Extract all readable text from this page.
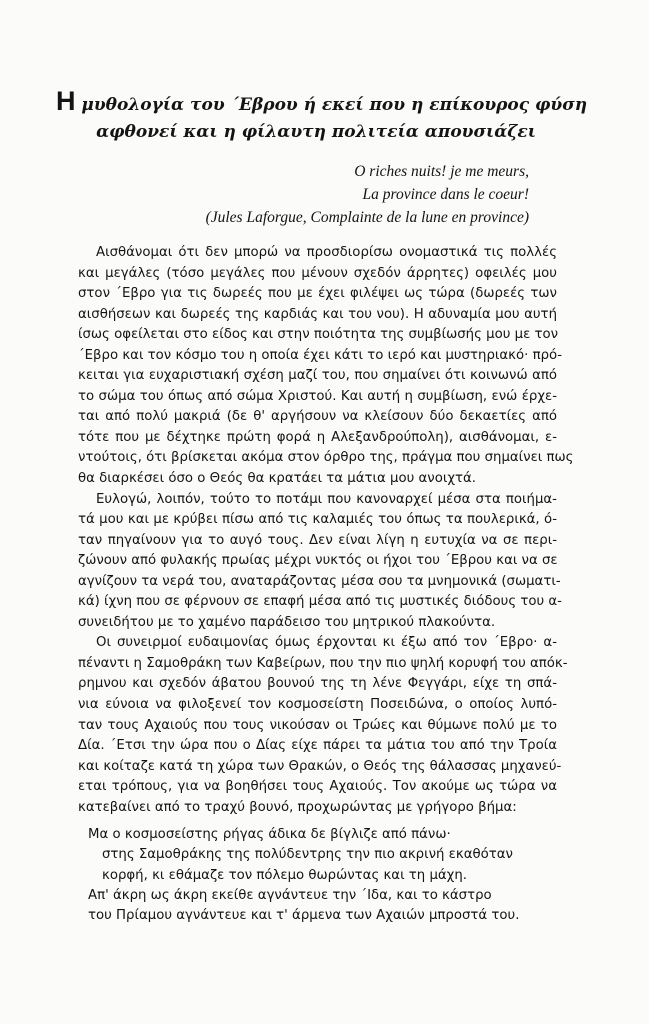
Η μυθολογία του ΄Εβρου ή εκεί που η επίκουρος φύση
αφθονεί και η φίλαυτη πολιτεία απουσιάζει
O riches nuits! je me meurs,
La province dans le coeur!
(Jules Laforgue, Complainte de la lune en province)
Αισθάνομαι ότι δεν μπορώ να προσδιορίσω ονομαστικά τις πολλές
και μεγάλες (τόσο μεγάλες που μένουν σχεδόν άρρητες) οφειλές μου
στον ΄Εβρο για τις δωρεές που με έχει φιλέψει ως τώρα (δωρεές των
αισθήσεων και δωρεές της καρδιάς και του νου). Η αδυναμία μου αυτή
ίσως οφείλεται στο είδος και στην ποιότητα της συμβίωσής μου με τον
΄Εβρο και τον κόσμο του η οποία έχει κάτι το ιερό και μυστηριακό· πρό-
κειται για ευχαριστιακή σχέση μαζί του, που σημαίνει ότι κοινωνώ από
το σώμα του όπως από σώμα Χριστού. Και αυτή η συμβίωση, ενώ έρχε-
ται από πολύ μακριά (δε θ' αργήσουν να κλείσουν δύο δεκαετίες από
τότε που με δέχτηκε πρώτη φορά η Αλεξανδρούπολη), αισθάνομαι, ε-
ντούτοις, ότι βρίσκεται ακόμα στον όρθρο της, πράγμα που σημαίνει πως
θα διαρκέσει όσο ο Θεός θα κρατάει τα μάτια μου ανοιχτά.
Ευλογώ, λοιπόν, τούτο το ποτάμι που κανοναρχεί μέσα στα ποιήμα-
τά μου και με κρύβει πίσω από τις καλαμιές του όπως τα πουλερικά, ό-
ταν πηγαίνουν για το αυγό τους. Δεν είναι λίγη η ευτυχία να σε περι-
ζώνουν από φυλακής πρωίας μέχρι νυκτός οι ήχοι του ΄Εβρου και να σε
αγνίζουν τα νερά του, αναταράζοντας μέσα σου τα μνημονικά (σωματι-
κά) ίχνη που σε φέρνουν σε επαφή μέσα από τις μυστικές διόδους του α-
συνειδήτου με το χαμένο παράδεισο του μητρικού πλακούντα.
Οι συνειρμοί ευδαιμονίας όμως έρχονται κι έξω από τον ΄Εβρο· α-
πέναντι η Σαμοθράκη των Καβείρων, που την πιο ψηλή κορυφή του απόκ-
ρημνου και σχεδόν άβατου βουνού της τη λένε Φεγγάρι, είχε τη σπά-
νια εύνοια να φιλοξενεί τον κοσμοσείστη Ποσειδώνα, ο οποίος λυπό-
ταν τους Αχαιούς που τους νικούσαν οι Τρώες και θύμωνε πολύ με το
Δία. ΄Ετσι την ώρα που ο Δίας είχε πάρει τα μάτια του από την Τροία
και κοίταζε κατά τη χώρα των Θρακών, ο Θεός της θάλασσας μηχανεύ-
εται τρόπους, για να βοηθήσει τους Αχαιούς. Τον ακούμε ως τώρα να
κατεβαίνει από το τραχύ βουνό, προχωρώντας με γρήγορο βήμα:
Μα ο κοσμοσείστης ρήγας άδικα δε βίγλιζε από πάνω·
στης Σαμοθράκης της πολύδεντρης την πιο ακρινή εκαθόταν
κορφή, κι εθάμαζε τον πόλεμο θωρώντας και τη μάχη.
Απ' άκρη ως άκρη εκείθε αγνάντευε την ΄Ιδα, και το κάστρο
του Πρίαμου αγνάντευε και τ' άρμενα των Αχαιών μπροστά του.
